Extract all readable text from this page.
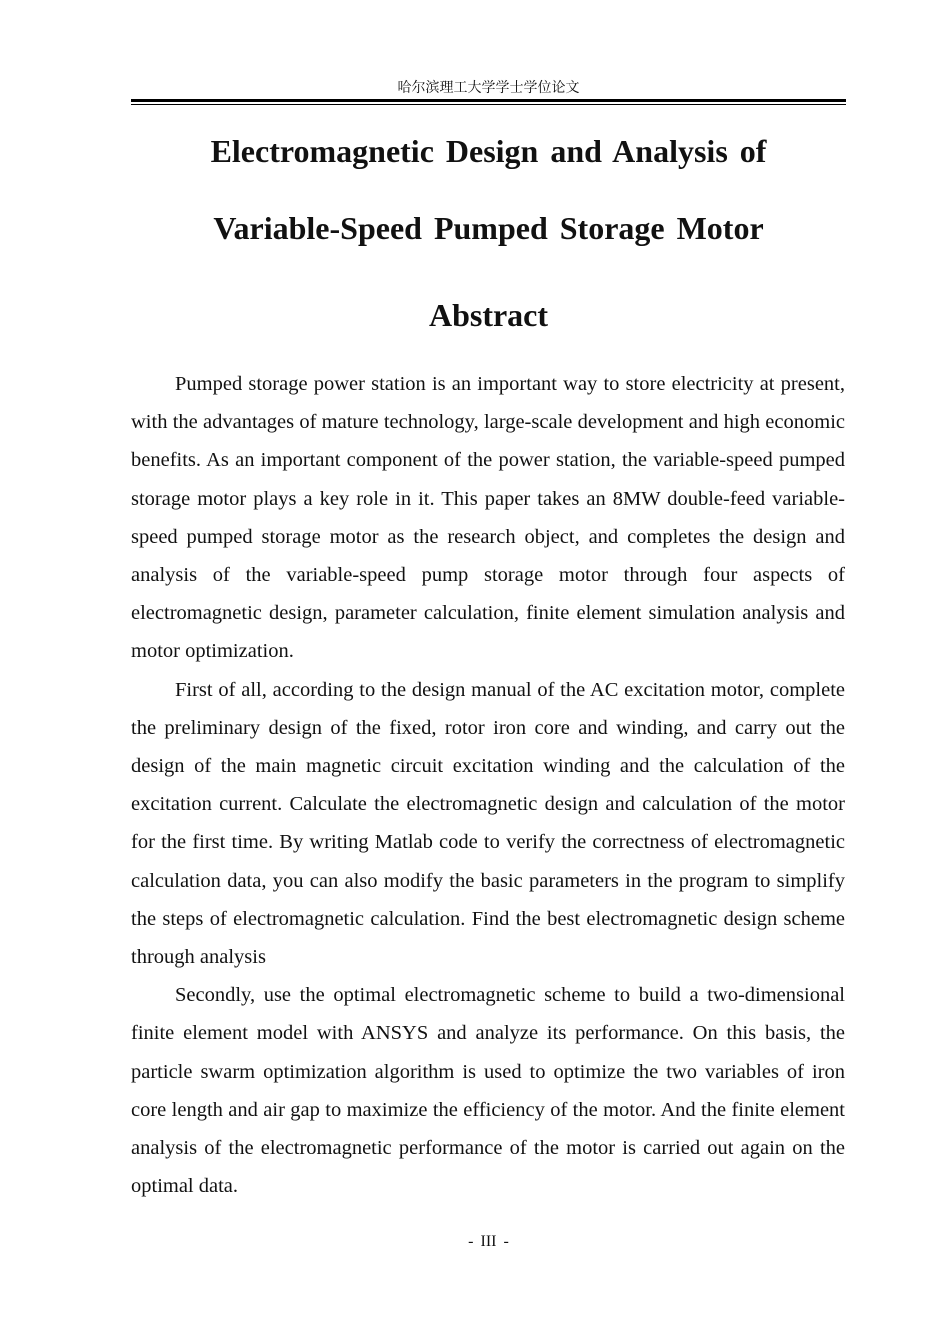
哈尔滨理工大学学士学位论文
Electromagnetic Design and Analysis of
Variable-Speed Pumped Storage Motor
Abstract

Pumped storage power station is an important way to store electricity at present, with the advantages of mature technology, large-scale development and high economic benefits. As an important component of the power station, the variable-speed pumped storage motor plays a key role in it. This paper takes an 8MW double-feed variable-speed pumped storage motor as the research object, and completes the design and analysis of the variable-speed pump storage motor through four aspects of electromagnetic design, parameter calculation, finite element simulation analysis and motor optimization.

First of all, according to the design manual of the AC excitation motor, complete the preliminary design of the fixed, rotor iron core and winding, and carry out the design of the main magnetic circuit excitation winding and the calculation of the excitation current. Calculate the electromagnetic design and calculation of the motor for the first time. By writing Matlab code to verify the correctness of electromagnetic calculation data, you can also modify the basic parameters in the program to simplify the steps of electromagnetic calculation. Find the best electromagnetic design scheme through analysis

Secondly, use the optimal electromagnetic scheme to build a two-dimensional finite element model with ANSYS and analyze its performance. On this basis, the particle swarm optimization algorithm is used to optimize the two variables of iron core length and air gap to maximize the efficiency of the motor. And the finite element analysis of the electromagnetic performance of the motor is carried out again on the optimal data.

- III -
